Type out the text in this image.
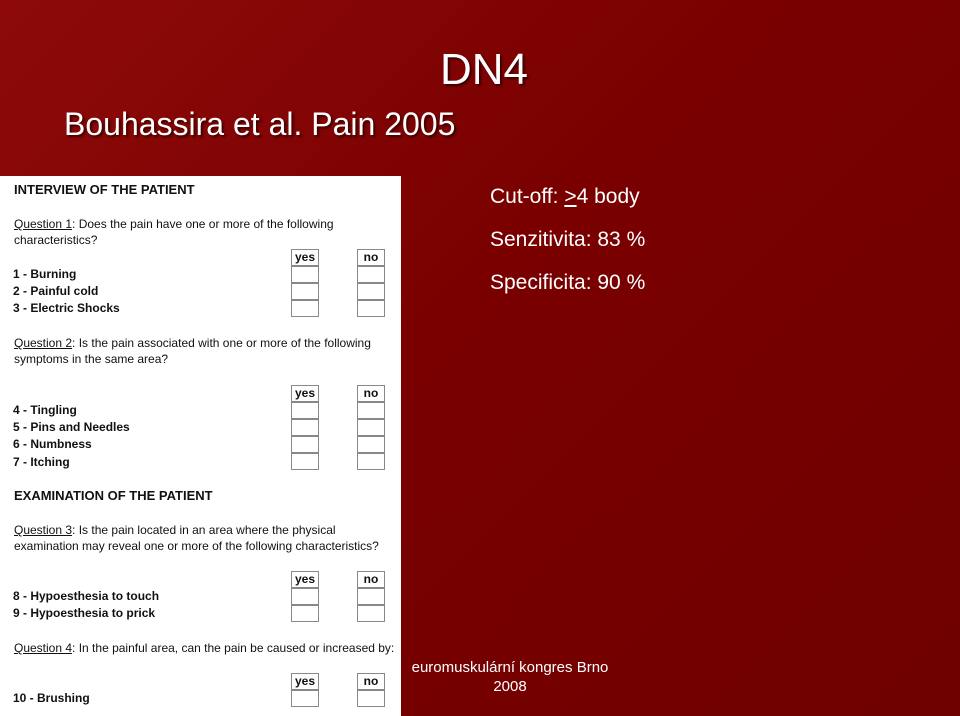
DN4
Bouhassira et al. Pain 2005
Cut-off: >4 body
Senzitivita: 83 %
Specificita: 90 %
INTERVIEW OF THE PATIENT
Question 1: Does the pain have one or more of the following characteristics?
yes	no
1 - Burning
2 - Painful cold
3 - Electric Shocks
Question 2: Is the pain associated with one or more of the following symptoms in the same area?
yes	no
4 - Tingling
5 - Pins and Needles
6 - Numbness
7 - Itching
EXAMINATION OF THE PATIENT
Question 3: Is the pain located in an area where the physical examination may reveal one or more of the following characteristics?
yes	no
8 - Hypoesthesia to touch
9 - Hypoesthesia to prick
Question 4: In the painful area, can the pain be caused or increased by:
yes	no
10 - Brushing
euromuskulární kongres Brno
2008
